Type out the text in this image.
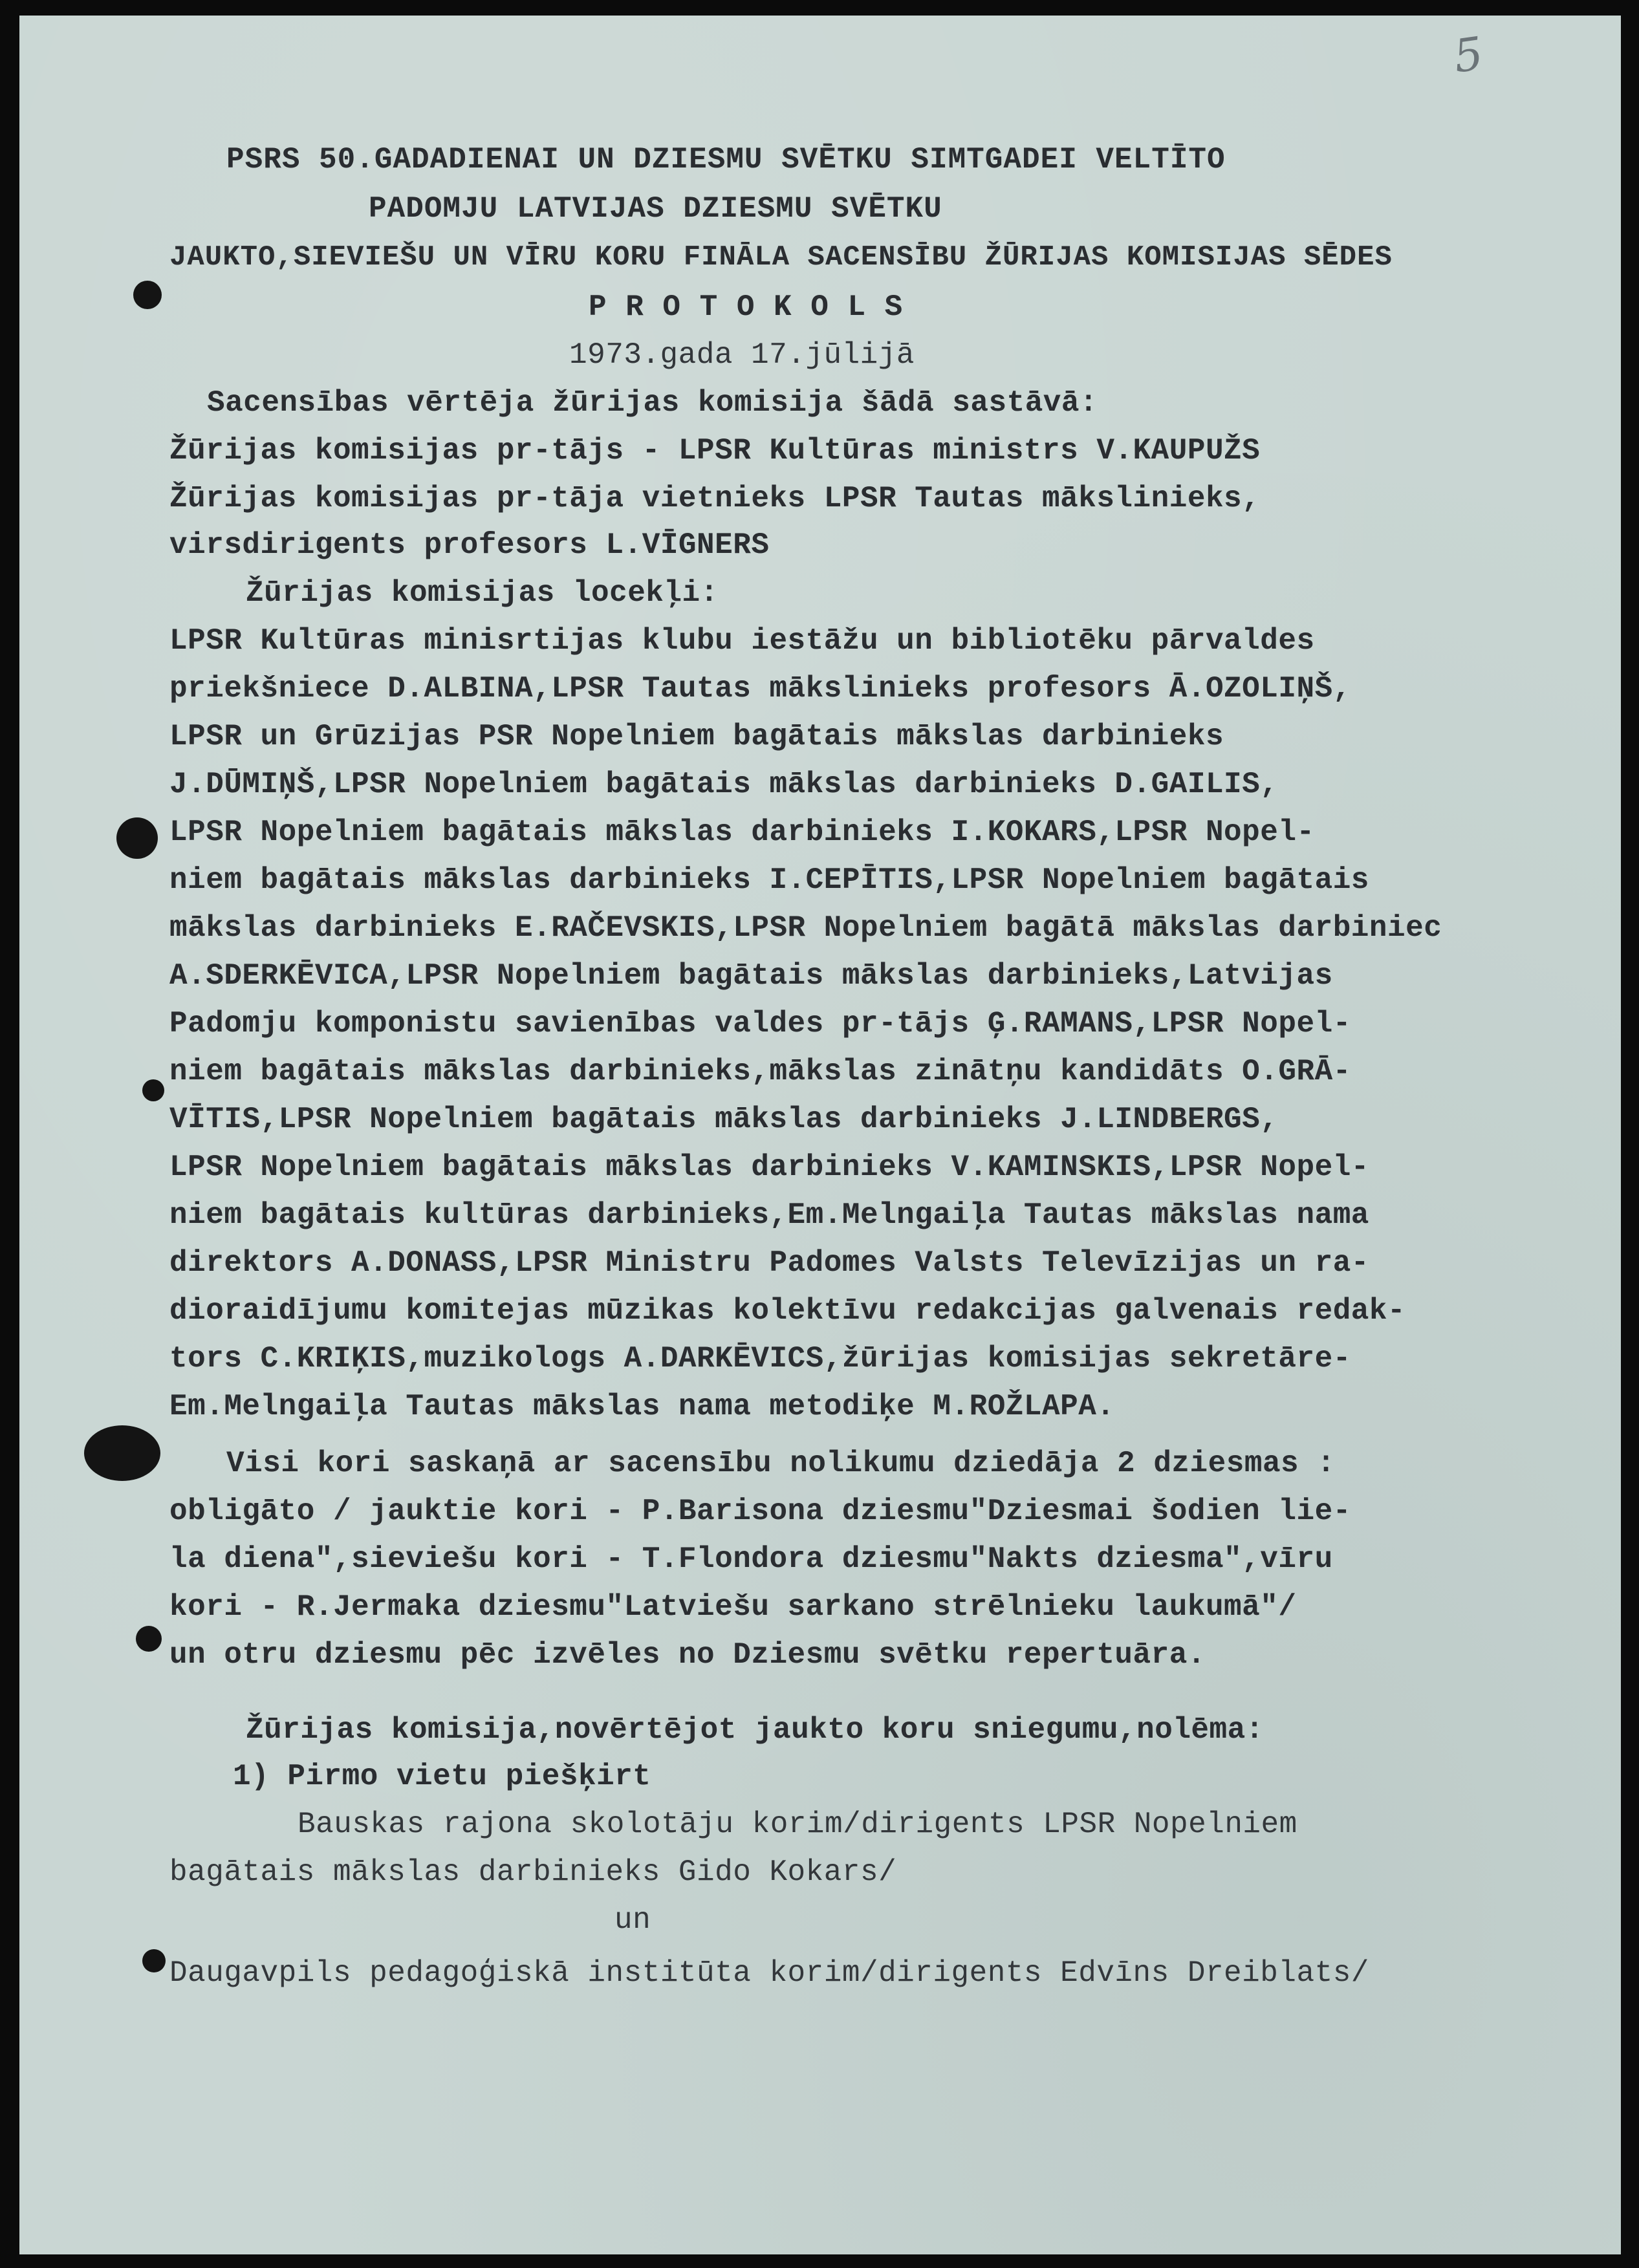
5
PSRS 50.GADADIENAI UN DZIESMU SVĒTKU SIMTGADEI VELTĪTO
PADOMJU LATVIJAS DZIESMU SVĒTKU
JAUKTO,SIEVIEŠU UN VĪRU KORU FINĀLA SACENSĪBU ŽŪRIJAS KOMISIJAS SĒDES
P R O T O K O L S
1973.gada 17.jūlijā
Sacensības vērtēja žūrijas komisija šādā sastāvā:
Žūrijas komisijas pr-tājs - LPSR Kultūras ministrs V.KAUPUŽS
Žūrijas komisijas pr-tāja vietnieks LPSR Tautas mākslinieks,
virsdirigents profesors L.VĪGNERS
Žūrijas komisijas locekļi:
LPSR Kultūras minisrtijas klubu iestāžu un bibliotēku pārvaldes
priekšniece D.ALBINA,LPSR Tautas mākslinieks profesors Ā.OZOLIŅŠ,
LPSR un Grūzijas PSR Nopelniem bagātais mākslas darbinieks
J.DŪMIŅŠ,LPSR Nopelniem bagātais mākslas darbinieks D.GAILIS,
LPSR Nopelniem bagātais mākslas darbinieks I.KOKARS,LPSR Nopel-
niem bagātais mākslas darbinieks I.CEPĪTIS,LPSR Nopelniem bagātais
mākslas darbinieks E.RAČEVSKIS,LPSR Nopelniem bagātā mākslas darbiniec
A.SDERKĒVICA,LPSR Nopelniem bagātais mākslas darbinieks,Latvijas
Padomju komponistu savienības valdes pr-tājs Ģ.RAMANS,LPSR Nopel-
niem bagātais mākslas darbinieks,mākslas zinātņu kandidāts O.GRĀ-
VĪTIS,LPSR Nopelniem bagātais mākslas darbinieks J.LINDBERGS,
LPSR Nopelniem bagātais mākslas darbinieks V.KAMINSKIS,LPSR Nopel-
niem bagātais kultūras darbinieks,Em.Melngaiļa Tautas mākslas nama
direktors A.DONASS,LPSR Ministru Padomes Valsts Televīzijas un ra-
dioraidījumu komitejas mūzikas kolektīvu redakcijas galvenais redak-
tors C.KRIĶIS,muzikologs A.DARKĒVICS,žūrijas komisijas sekretāre-
Em.Melngaiļa Tautas mākslas nama metodiķe M.ROŽLAPA.
Visi kori saskaņā ar sacensību nolikumu dziedāja 2 dziesmas :
obligāto / jauktie kori - P.Barisona dziesmu"Dziesmai šodien lie-
la diena",sieviešu kori - T.Flondora dziesmu"Nakts dziesma",vīru
kori - R.Jermaka dziesmu"Latviešu sarkano strēlnieku laukumā"/
un otru dziesmu pēc izvēles no Dziesmu svētku repertuāra.
Žūrijas komisija,novērtējot jaukto koru sniegumu,nolēma:
1) Pirmo vietu piešķirt
Bauskas rajona skolotāju korim/dirigents LPSR Nopelniem
bagātais mākslas darbinieks Gido Kokars/
un
Daugavpils pedagoģiskā institūta korim/dirigents Edvīns Dreiblats/
